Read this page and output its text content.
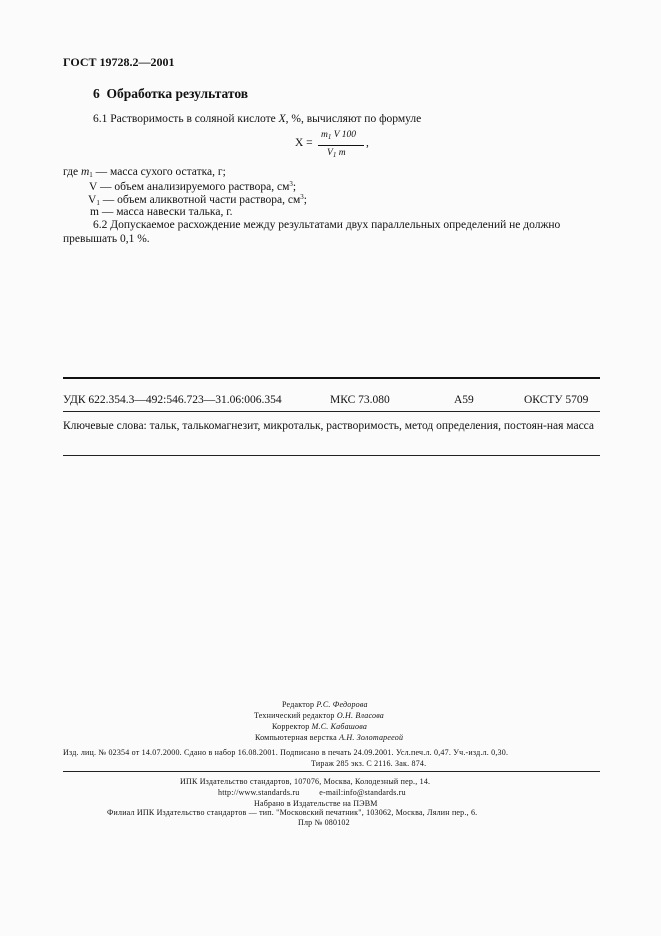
ГОСТ 19728.2—2001
6 Обработка результатов
6.1 Растворимость в соляной кислоте X, %, вычисляют по формуле
X =
$m_1$ V 100
$V_1$ m
,
где $m_1$ — масса сухого остатка, г;
V — объем анализируемого раствора, $см^3$;
$V_1$ — объем аликвотной части раствора, $см^3$;
m — масса навески талька, г.
6.2 Допускаемое расхождение между результатами двух параллельных определений не должно
превышать 0,1 %.
УДК 622.354.3—492:546.723—31.06:006.354	МКС 73.080	А59	ОКСТУ 5709
Ключевые слова: тальк, талькомагнезит, микротальк, растворимость, метод определения, постоян-ная масса
Редактор Р.С. Федорова
Технический редактор О.Н. Власова
Корректор М.С. Кабашова
Компьютерная верстка А.Н. Золотарееой
Изд. лиц. № 02354 от 14.07.2000. Сдано в набор 16.08.2001. Подписано в печать 24.09.2001. Усл.печ.л. 0,47. Уч.-изд.л. 0,30.
Тираж 285 экз. С 2116. Зак. 874.
ИПК Издательство стандартов, 107076, Москва, Колодезный пер., 14.
http://www.standards.ru e-mail:info@standards.ru
Набрано в Издательстве на ПЭВМ
Филиал ИПК Издательство стандартов — тип. "Московский печатник", 103062, Москва, Лялин пер., 6.
Плр № 080102
